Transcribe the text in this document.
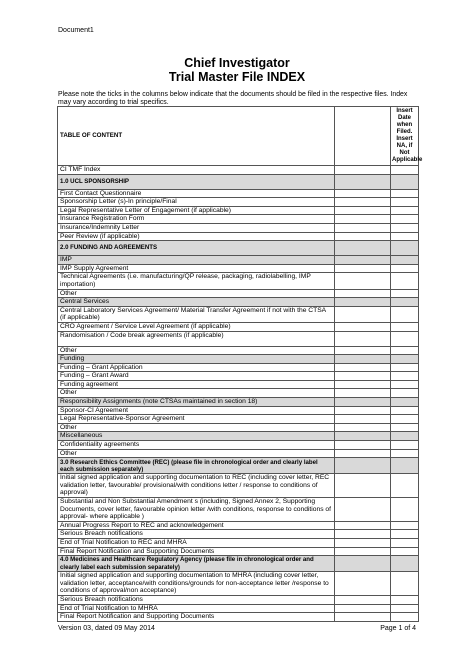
Document1
Chief Investigator
Trial Master File INDEX
Please note the ticks in the columns below indicate that the documents should be filed in the respective files. Index may vary according to trial specifics.
TABLE OF CONTENT		Insert Date when Filed. Insert NA, if Not Applicable
CI TMF Index		
1.0 UCL SPONSORSHIP		
First Contact Questionnaire		
Sponsorship Letter (s)-In principle/Final		
Legal Representative Letter of Engagement (if applicable)		
Insurance Registration Form		
Insurance/Indemnity Letter		
Peer Review (if applicable)		
2.0 FUNDING AND AGREEMENTS		
IMP		
IMP Supply Agreement		
Technical Agreements (i.e. manufacturing/QP release, packaging, radiolabelling, IMP importation)		
Other		
Central Services		
Central Laboratory Services Agreement/ Material Transfer Agreement if not with the CTSA (if applicable)		
CRO Agreement / Service Level Agreement (if applicable)		
Randomisation / Code break agreements (if applicable)		
Other		
Funding		
Funding – Grant Application		
Funding – Grant Award		
Funding agreement		
Other		
Responsibility Assignments (note CTSAs maintained in section 18)		
Sponsor-CI Agreement		
Legal Representative-Sponsor Agreement		
Other		
Miscellaneous		
Confidentiality agreements		
Other		
3.0 Research Ethics Committee (REC) (please file in chronological order and clearly label each submission separately)		
Initial signed application and supporting documentation to REC (including cover letter, REC validation letter, favourable/ provisional/with conditions letter / response to conditions of approval)		
Substantial and Non Substantial Amendment s (including, Signed Annex 2, Supporting Documents, cover letter, favourable opinion letter /with conditions, response to conditions of approval- where applicable )		
Annual Progress Report to REC and acknowledgement		
Serious Breach notifications		
End of Trial Notification to REC and MHRA		
Final Report Notification and Supporting Documents		
4.0 Medicines and Healthcare Regulatory Agency (please file in chronological order and clearly label each submission separately)		
Initial signed application and supporting documentation to MHRA (including cover letter, validation letter, acceptance/with conditions/grounds for non-acceptance letter /response to conditions of approval/non acceptance)		
Serious Breach notifications		
End of Trial Notification to MHRA		
Final Report Notification and Supporting Documents		
Version 03, dated 09 May 2014	Page 1 of 4
